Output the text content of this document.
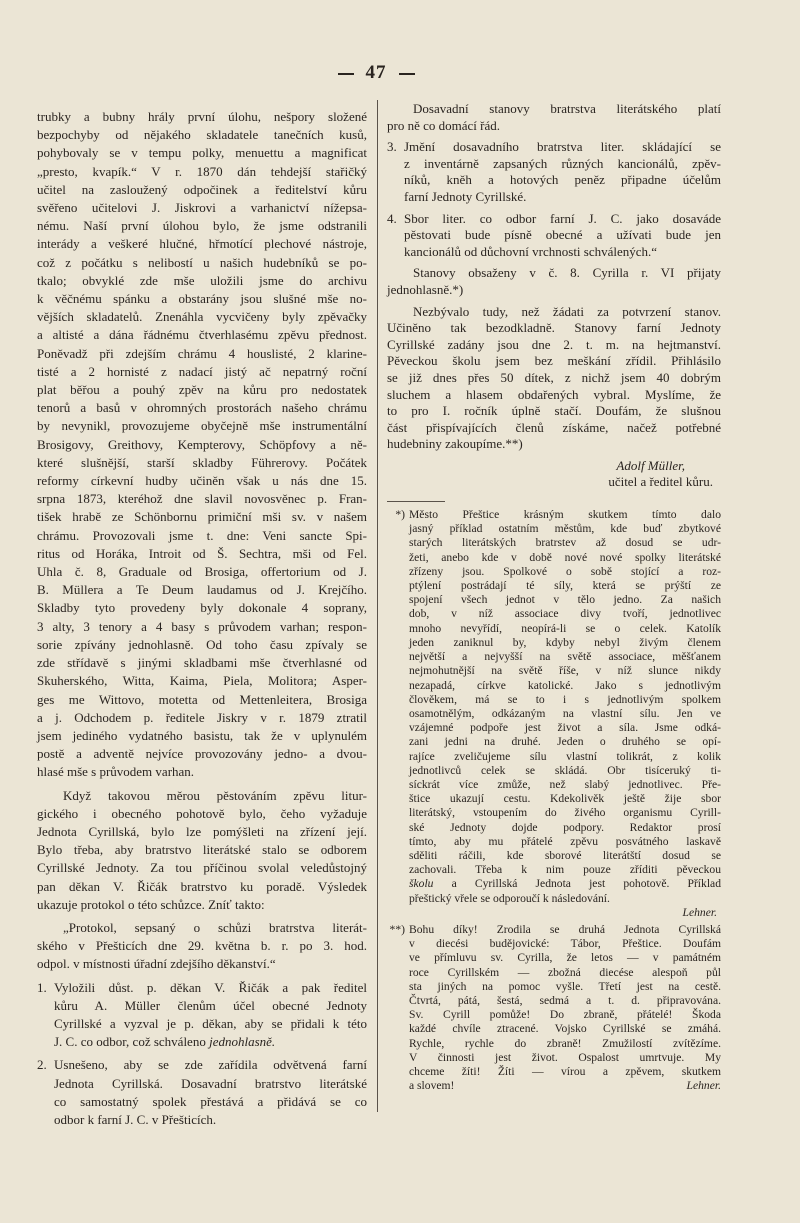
47
trubky a bubny hrály první úlohu, nešpory složené
bezpochyby od nějakého skladatele tanečních kusů,
pohybovaly se v tempu polky, menuettu a magnificat
„presto, kvapík.“ V r. 1870 dán tehdejší stařičký
učitel na zasloužený odpočinek a ředitelství kůru
svěřeno učitelovi J. Jiskrovi a varhanictví nížepsa-
nému. Naší první úlohou bylo, že jsme odstranili
interády a veškeré hlučné, hřmotící plechové nástroje,
což z počátku s nelibostí u našich hudebníků se po-
tkalo; obvyklé zde mše uložili jsme do archivu
k věčnému spánku a obstarány jsou slušné mše no-
vějších skladatelů. Znenáhla vycvičeny byly zpěvačky
a altisté a dána řádnému čtverhlasému zpěvu přednost.
Poněvadž při zdejším chrámu 4 houslisté, 2 klarine-
tisté a 2 hornisté z nadací jistý ač nepatrný roční
plat běřou a pouhý zpěv na kůru pro nedostatek
tenorů a basů v ohromných prostorách našeho chrámu
by nevynikl, provozujeme obyčejně mše instrumentální
Brosigovy, Greithovy, Kempterovy, Schöpfovy a ně-
které slušnější, starší skladby Führerovy. Počátek
reformy církevní hudby učiněn však u nás dne 15.
srpna 1873, kteréhož dne slavil novosvěnec p. Fran-
tišek hrabě ze Schönbornu primiční mši sv. v našem
chrámu. Provozovali jsme t. dne: Veni sancte Spi-
ritus od Horáka, Introit od Š. Sechtra, mši od Fel.
Uhla č. 8, Graduale od Brosiga, offertorium od J.
B. Müllera a Te Deum laudamus od J. Krejčího.
Skladby tyto provedeny byly dokonale 4 soprany,
3 alty, 3 tenory a 4 basy s průvodem varhan; respon-
sorie zpívány jednohlasně. Od toho času zpívaly se
zde střídavě s jinými skladbami mše čtverhlasné od
Skuherského, Witta, Kaima, Piela, Molitora; Asper-
ges me Wittovo, motetta od Mettenleitera, Brosiga
a j. Odchodem p. ředitele Jiskry v r. 1879 ztratil
jsem jediného vydatného basistu, tak že v uplynulém
postě a adventě nejvíce provozovány jedno- a dvou-
hlasé mše s průvodem varhan.
Když takovou měrou pěstováním zpěvu litur-
gického i obecného pohotově bylo, čeho vyžaduje
Jednota Cyrillská, bylo lze pomýšleti na zřízení její.
Bylo třeba, aby bratrstvo literátské stalo se odborem
Cyrillské Jednoty. Za tou příčinou svolal veledůstojný
pan děkan V. Řičák bratrstvo ku poradě. Výsledek
ukazuje protokol o této schůzce. Zníť takto:
„Protokol, sepsaný o schůzi bratrstva literát-
ského v Přešticích dne 29. května b. r. po 3. hod.
odpol. v místnosti úřadní zdejšího děkanství.“
1. Vyložili důst. p. děkan V. Řičák a pak ředitel
kůru A. Müller členům účel obecné Jednoty
Cyrillské a vyzval je p. děkan, aby se přidali k této
J. C. co odbor, což schváleno jednohlasně.
2. Usnešeno, aby se zde zařídila odvětvená farní
Jednota Cyrillská. Dosavadní bratrstvo literátské
co samostatný spolek přestává a přidává se co
odbor k farní J. C. v Přešticích.
Dosavadní stanovy bratrstva literátského platí
pro ně co domácí řád.
3. Jmění dosavadního bratrstva liter. skládající se
z inventárně zapsaných různých kancionálů, zpěv-
níků, kněh a hotových peněz připadne účelům
farní Jednoty Cyrillské.
4. Sbor liter. co odbor farní J. C. jako dosaváde
pěstovati bude písně obecné a užívati bude jen
kancionálů od důchovní vrchnosti schválených.“
Stanovy obsaženy v č. 8. Cyrilla r. VI přijaty
jednohlasně.*)
Nezbývalo tudy, než žádati za potvrzení stanov.
Učiněno tak bezodkladně. Stanovy farní Jednoty
Cyrillské zadány jsou dne 2. t. m. na hejtmanství.
Pěveckou školu jsem bez meškání zřídil. Přihlásilo
se již dnes přes 50 dítek, z nichž jsem 40 dobrým
sluchem a hlasem obdařených vybral. Myslíme, že
to pro I. ročník úplně stačí. Doufám, že slušnou
část přispívajících členů získáme, načež potřebné
hudebniny zakoupíme.**)
Adolf Müller,
učitel a ředitel kůru.
*) Město Přeštice krásným skutkem tímto dalo
jasný příklad ostatním městům, kde buď zbytkové
starých literátských bratrstev až dosud se udr-
žeti, anebo kde v době nové nové spolky literátské
zřízeny jsou. Spolkové o sobě stojící a roz-
ptýlení postrádají té síly, která se prýští ze
spojení všech jednot v tělo jedno. Za našich
dob, v níž associace divy tvoří, jednotlivec
mnoho nevyřídí, neopírá-li se o celek. Katolík
jeden zaniknul by, kdyby nebyl živým členem
největší a nejvyšší na světě associace, měšťanem
nejmohutnější na světě říše, v níž slunce nikdy
nezapadá, církve katolické. Jako s jednotlivým
člověkem, má se to i s jednotlivým spolkem
osamotnělým, odkázaným na vlastní sílu. Jen ve
vzájemné podpoře jest život a síla. Jsme odká-
zani jedni na druhé. Jeden o druhého se opí-
rajíce zveličujeme sílu vlastní tolikrát, z kolik
jednotlivců celek se skládá. Obr tisíceruký ti-
síckrát více zmůže, než slabý jednotlivec. Pře-
štice ukazují cestu. Kdekolivěk ještě žije sbor
literátský, vstoupením do živého organismu Cyrill-
ské Jednoty dojde podpory. Redaktor prosí
tímto, aby mu přátelé zpěvu posvátného laskavě
sděliti ráčili, kde sborové literátští dosud se
zachovali. Třeba k nim pouze zříditi pěveckou
školu a Cyrillská Jednota jest pohotově. Příklad
přeštický vřele se odporoučí k následování.
Lehner.
**) Bohu díky! Zrodila se druhá Jednota Cyrillská
v diecési budějovické: Tábor, Přeštice. Doufám
ve přímluvu sv. Cyrilla, že letos — v památném
roce Cyrillském — zbožná diecése alespoň půl
sta jiných na pomoc vyšle. Třetí jest na cestě.
Čtvrtá, pátá, šestá, sedmá a t. d. připravována.
Sv. Cyrill pomůže! Do zbraně, přátelé! Škoda
každé chvíle ztracené. Vojsko Cyrillské se zmáhá.
Rychle, rychle do zbraně! Zmužilostí zvítězíme.
V činnosti jest život. Ospalost umrtvuje. My
chceme žíti! Žíti — vírou a zpěvem, skutkem
a slovem!	Lehner.
